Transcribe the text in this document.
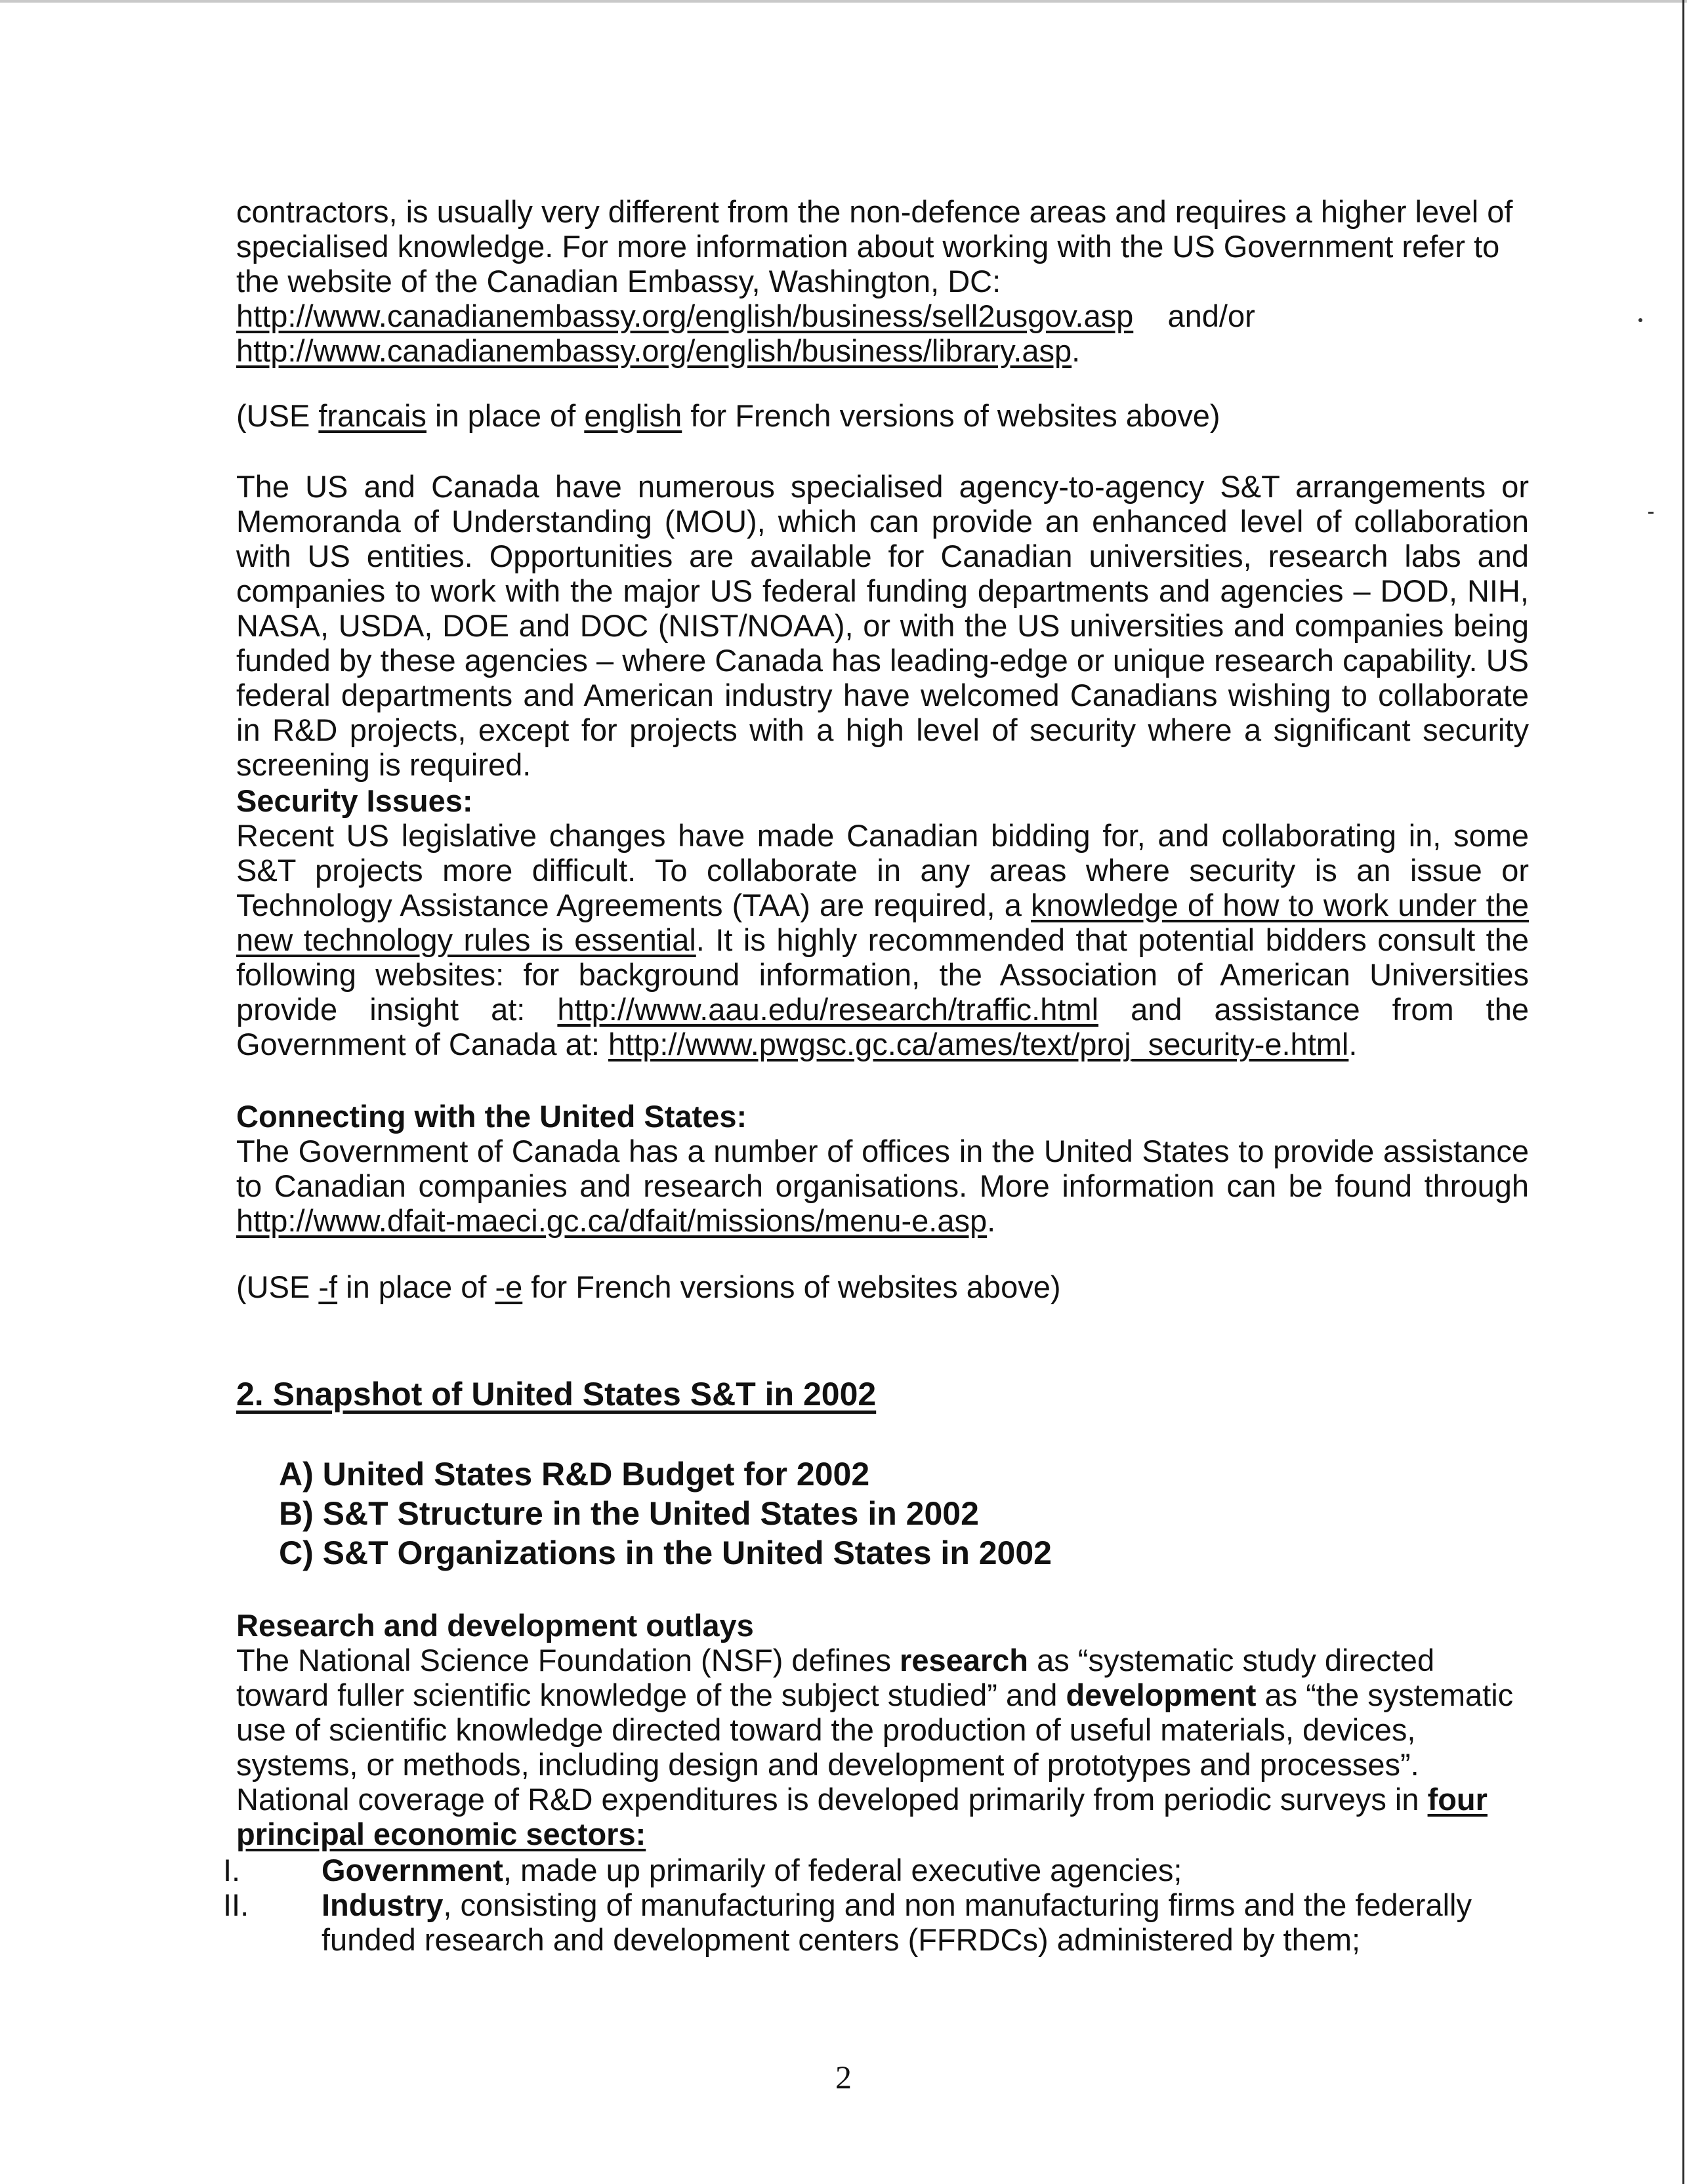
contractors, is usually very different from the non-defence areas and requires a higher level of specialised knowledge. For more information about working with the US Government refer to the website of the Canadian Embassy, Washington, DC:
http://www.canadianembassy.org/english/business/sell2usgov.asp and/or
http://www.canadianembassy.org/english/business/library.asp.

(USE francais in place of english for French versions of websites above)

The US and Canada have numerous specialised agency-to-agency S&T arrangements or Memoranda of Understanding (MOU), which can provide an enhanced level of collaboration with US entities. Opportunities are available for Canadian universities, research labs and companies to work with the major US federal funding departments and agencies – DOD, NIH, NASA, USDA, DOE and DOC (NIST/NOAA), or with the US universities and companies being funded by these agencies – where Canada has leading-edge or unique research capability. US federal departments and American industry have welcomed Canadians wishing to collaborate in R&D projects, except for projects with a high level of security where a significant security screening is required.

Security Issues:

Recent US legislative changes have made Canadian bidding for, and collaborating in, some S&T projects more difficult. To collaborate in any areas where security is an issue or Technology Assistance Agreements (TAA) are required, a knowledge of how to work under the new technology rules is essential. It is highly recommended that potential bidders consult the following websites: for background information, the Association of American Universities provide insight at: http://www.aau.edu/research/traffic.html and assistance from the Government of Canada at: http://www.pwgsc.gc.ca/ames/text/proj_security-e.html.

Connecting with the United States:

The Government of Canada has a number of offices in the United States to provide assistance to Canadian companies and research organisations. More information can be found through http://www.dfait-maeci.gc.ca/dfait/missions/menu-e.asp.

(USE -f in place of -e for French versions of websites above)

2. Snapshot of United States S&T in 2002

A) United States R&D Budget for 2002
B) S&T Structure in the United States in 2002
C) S&T Organizations in the United States in 2002

Research and development outlays

The National Science Foundation (NSF) defines research as “systematic study directed toward fuller scientific knowledge of the subject studied” and development as “the systematic use of scientific knowledge directed toward the production of useful materials, devices, systems, or methods, including design and development of prototypes and processes”. National coverage of R&D expenditures is developed primarily from periodic surveys in four principal economic sectors:

I.	Government, made up primarily of federal executive agencies;
II.	Industry, consisting of manufacturing and non manufacturing firms and the federally funded research and development centers (FFRDCs) administered by them;
2
